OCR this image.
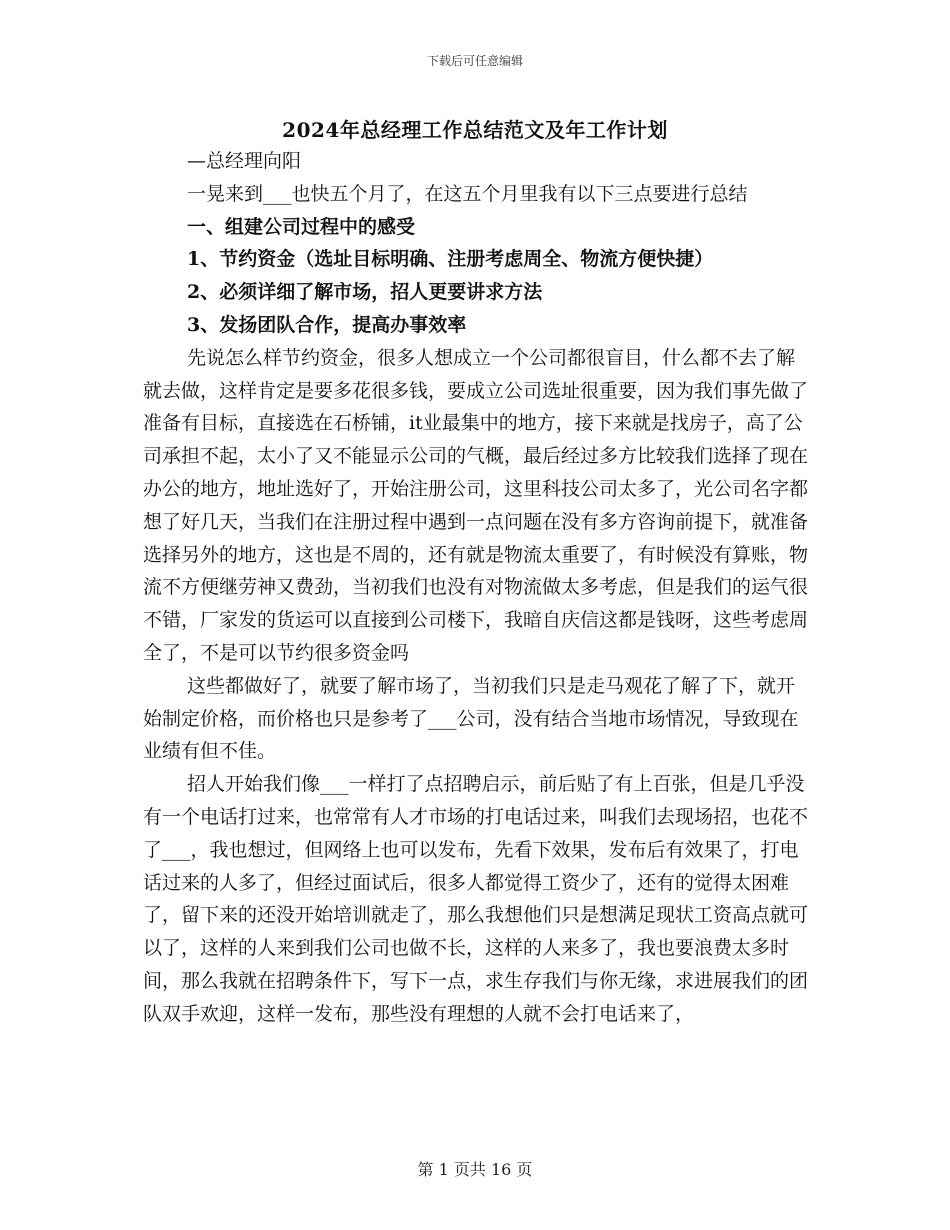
下载后可任意编辑
2024年总经理工作总结范文及年工作计划

—总经理向阳

一晃来到___也快五个月了，在这五个月里我有以下三点要进行总结

一、组建公司过程中的感受

1、节约资金（选址目标明确、注册考虑周全、物流方便快捷）

2、必须详细了解市场，招人更要讲求方法

3、发扬团队合作，提高办事效率

先说怎么样节约资金，很多人想成立一个公司都很盲目，什么都不去了解就去做，这样肯定是要多花很多钱，要成立公司选址很重要，因为我们事先做了准备有目标，直接选在石桥铺，it业最集中的地方，接下来就是找房子，高了公司承担不起，太小了又不能显示公司的气概，最后经过多方比较我们选择了现在办公的地方，地址选好了，开始注册公司，这里科技公司太多了，光公司名字都想了好几天，当我们在注册过程中遇到一点问题在没有多方咨询前提下，就准备选择另外的地方，这也是不周的，还有就是物流太重要了，有时候没有算账，物流不方便继劳神又费劲，当初我们也没有对物流做太多考虑，但是我们的运气很不错，厂家发的货运可以直接到公司楼下，我暗自庆信这都是钱呀，这些考虑周全了，不是可以节约很多资金吗

这些都做好了，就要了解市场了，当初我们只是走马观花了解了下，就开始制定价格，而价格也只是参考了___公司，没有结合当地市场情况，导致现在业绩有但不佳。

招人开始我们像___一样打了点招聘启示，前后贴了有上百张，但是几乎没有一个电话打过来，也常常有人才市场的打电话过来，叫我们去现场招，也花不了___，我也想过，但网络上也可以发布，先看下效果，发布后有效果了，打电话过来的人多了，但经过面试后，很多人都觉得工资少了，还有的觉得太困难了，留下来的还没开始培训就走了，那么我想他们只是想满足现状工资高点就可以了，这样的人来到我们公司也做不长，这样的人来多了，我也要浪费太多时间，那么我就在招聘条件下，写下一点，求生存我们与你无缘，求进展我们的团队双手欢迎，这样一发布，那些没有理想的人就不会打电话来了，

第 1 页共 16 页
